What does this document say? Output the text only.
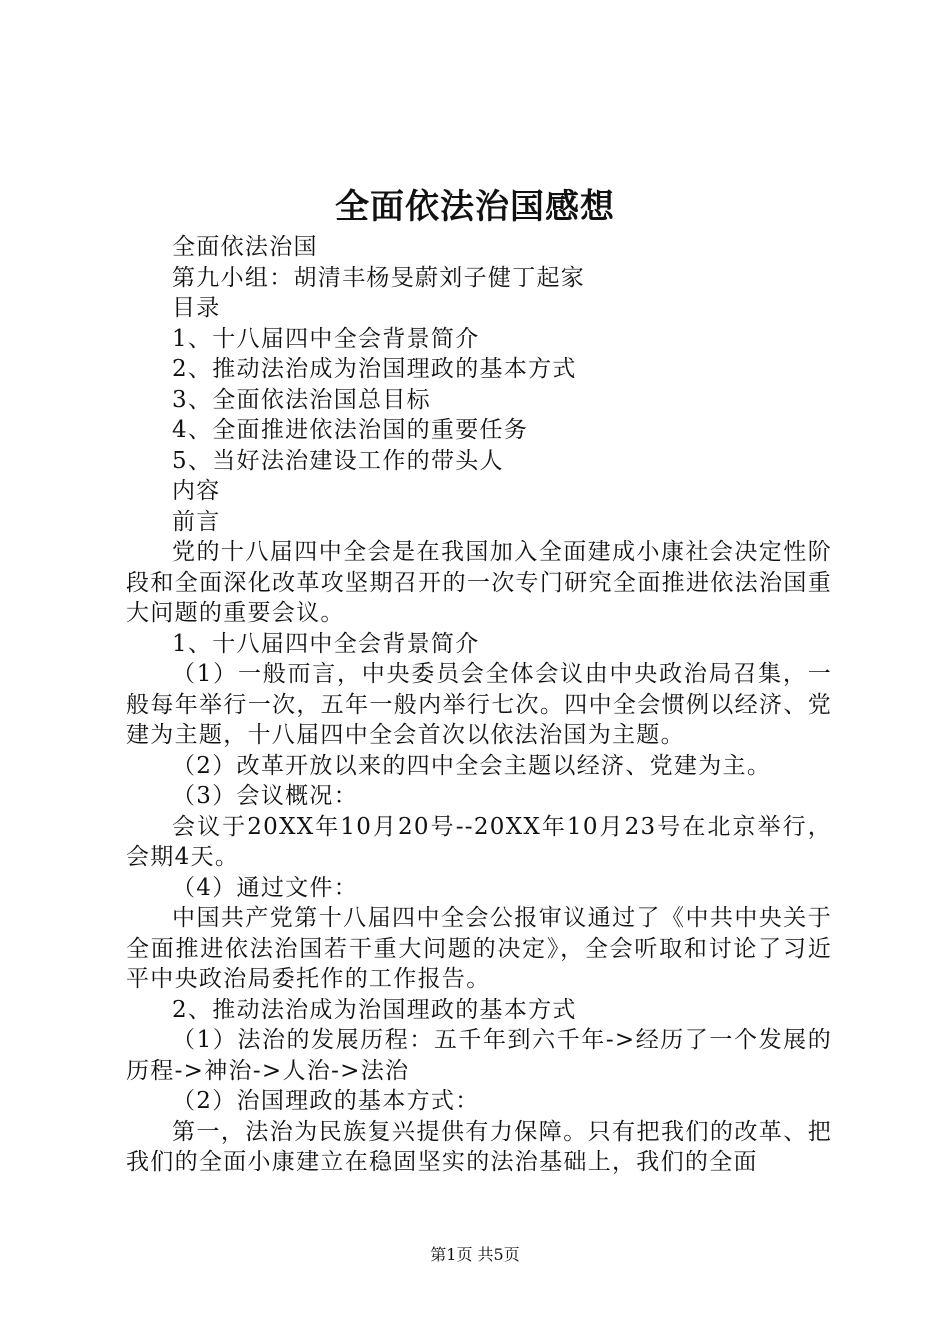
全面依法治国感想

全面依法治国

第九小组：胡清丰杨旻蔚刘子健丁起家

目录

1、十八届四中全会背景简介

2、推动法治成为治国理政的基本方式

3、全面依法治国总目标

4、全面推进依法治国的重要任务

5、当好法治建设工作的带头人

内容

前言

党的十八届四中全会是在我国加入全面建成小康社会决定性阶段和全面深化改革攻坚期召开的一次专门研究全面推进依法治国重大问题的重要会议。

1、十八届四中全会背景简介

（1）一般而言，中央委员会全体会议由中央政治局召集，一般每年举行一次，五年一般内举行七次。四中全会惯例以经济、党建为主题，十八届四中全会首次以依法治国为主题。

（2）改革开放以来的四中全会主题以经济、党建为主。

（3）会议概况：

会议于20XX年10月20号--20XX年10月23号在北京举行，会期4天。

（4）通过文件：

中国共产党第十八届四中全会公报审议通过了《中共中央关于全面推进依法治国若干重大问题的决定》，全会听取和讨论了习近平中央政治局委托作的工作报告。

2、推动法治成为治国理政的基本方式

（1）法治的发展历程：五千年到六千年->经历了一个发展的历程->神治->人治->法治

（2）治国理政的基本方式：

第一，法治为民族复兴提供有力保障。只有把我们的改革、把我们的全面小康建立在稳固坚实的法治基础上，我们的全面

第1页 共5页
